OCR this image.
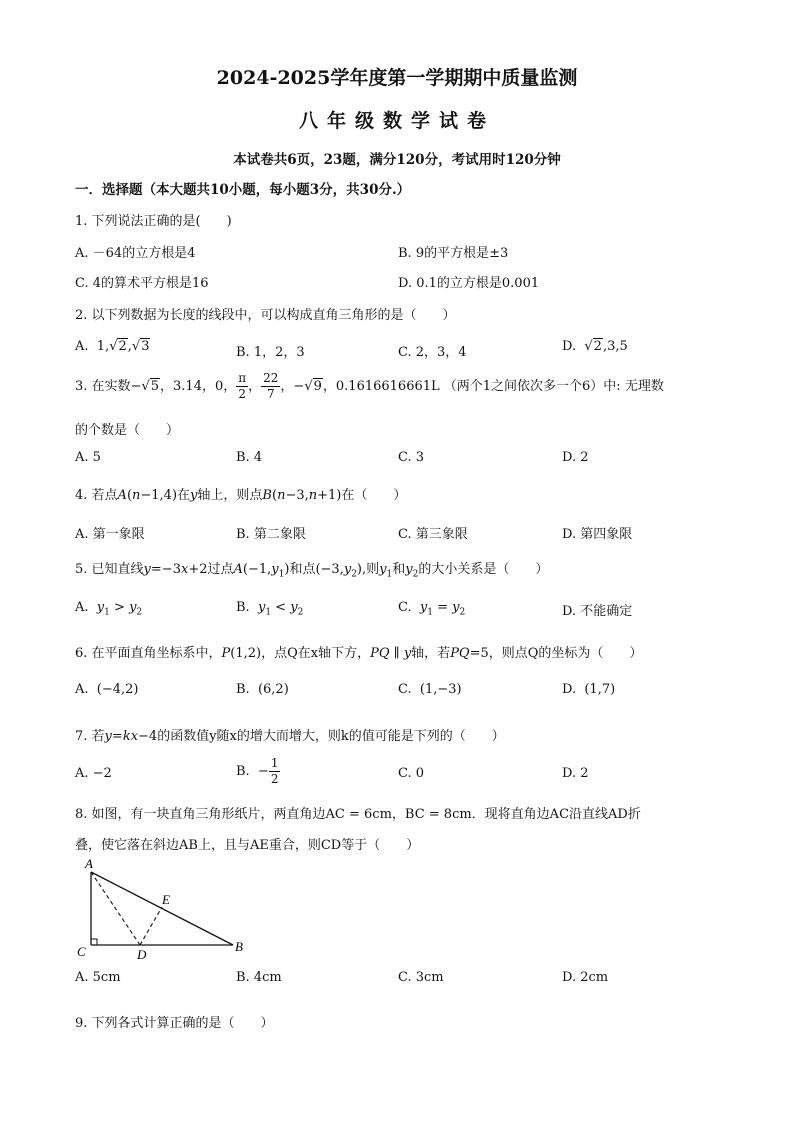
2024-2025学年度第一学期期中质量监测
八年级数学试卷
本试卷共6页，23题，满分120分，考试用时120分钟
一．选择题（本大题共10小题，每小题3分，共30分.）
1. 下列说法正确的是(　　)
A. －64的立方根是4	B. 9的平方根是±3
C. 4的算术平方根是16	D. 0.1的立方根是0.001
2. 以下列数据为长度的线段中，可以构成直角三角形的是（　　）
A.  1,√2,√3	B. 1，2，3	C. 2，3，4	D.  √2,3,5
3. 在实数−√5，3.14，0， $\frac{\pi}{2}$ ， $\frac{22}{7}$ ，−√9，0.1616616661L （两个1之间依次多一个6）中: 无理数
的个数是（　　）
A. 5	B. 4	C. 3	D. 2
4. 若点A(n−1,4)在y轴上，则点B(n−3,n+1)在（　　）
A. 第一象限	B. 第二象限	C. 第三象限	D. 第四象限
5. 已知直线y=−3x+2过点$A(-1,y_1)$和点$(-3,y_2)$,则$y_1$和$y_2$的大小关系是（　　）
A.  $y_1 > y_2$	B.  $y_1 < y_2$	C.  $y_1 = y_2$	D. 不能确定
6. 在平面直角坐标系中，P(1,2)，点Q在x轴下方，PQ ∥ y轴，若PQ=5，则点Q的坐标为（　　）
A.  (−4,2)	B.  (6,2)	C.  (1,−3)	D.  (1,7)
7. 若y=kx−4的函数值y随x的增大而增大，则k的值可能是下列的（　　）
A. −2	B.  − $\frac{1}{2}$	C. 0	D. 2
8. 如图，有一块直角三角形纸片，两直角边AC = 6cm，BC = 8cm．现将直角边AC沿直线AD折
叠，使它落在斜边AB上，且与AE重合，则CD等于（　　）
A
C	D
E
B
A. 5cm	B. 4cm	C. 3cm	D. 2cm
9. 下列各式计算正确的是（　　）
